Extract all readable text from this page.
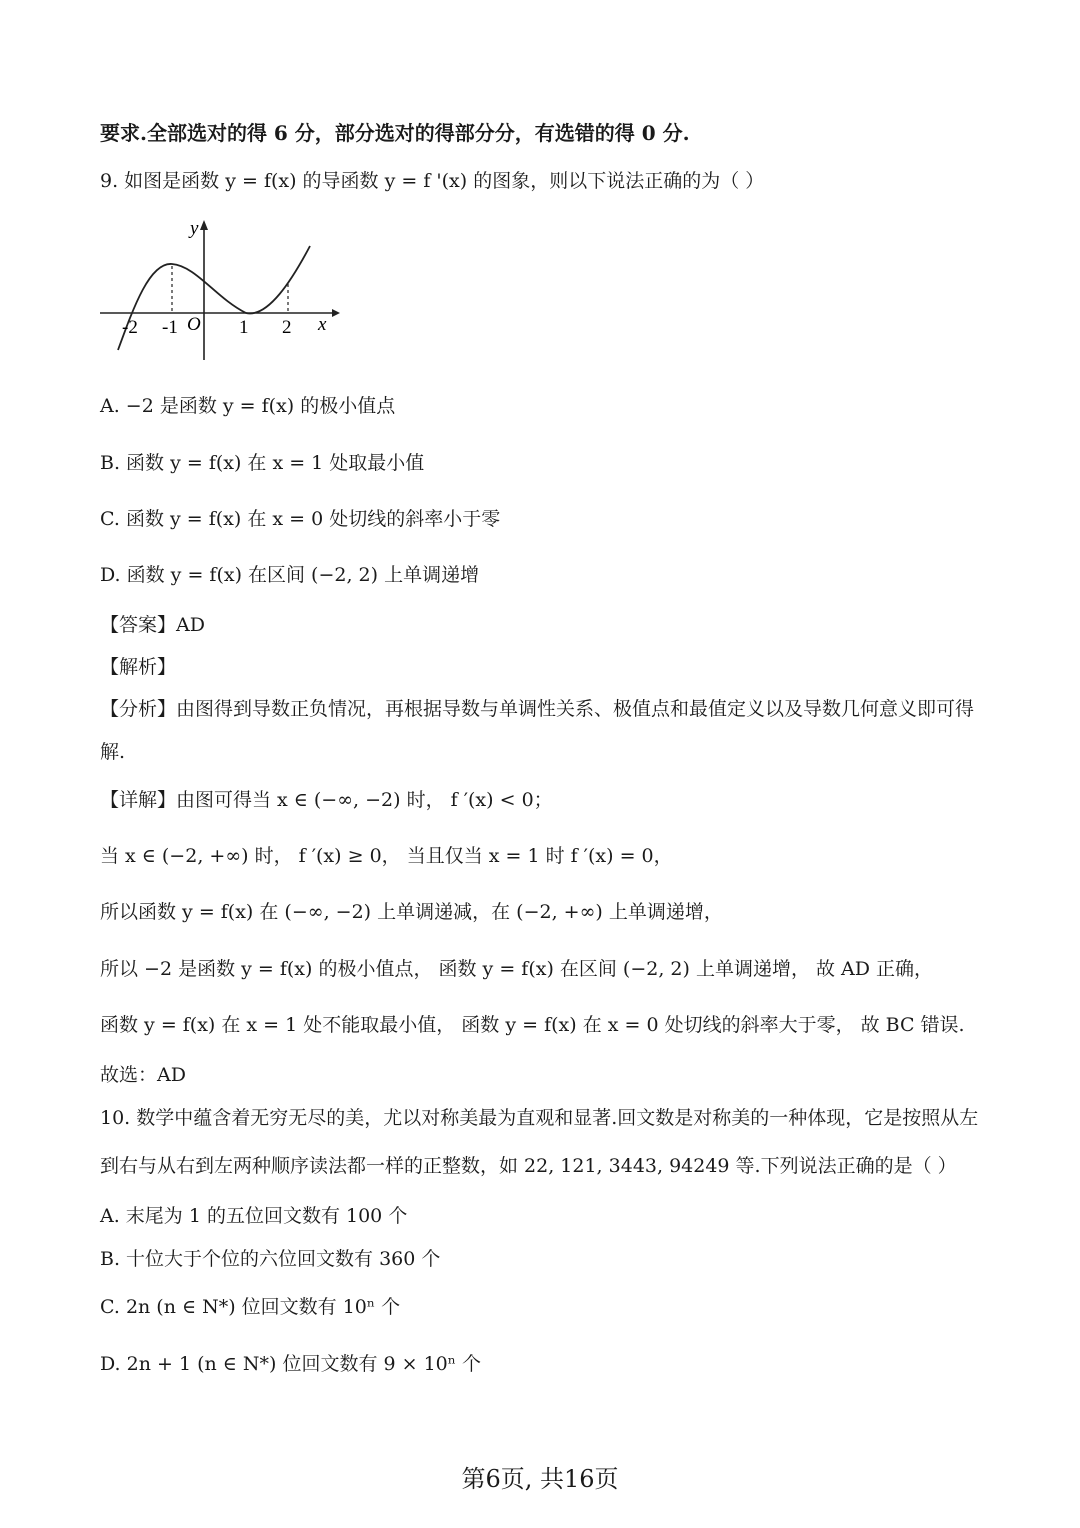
要求.全部选对的得 6 分，部分选对的得部分分，有选错的得 0 分.
9. 如图是函数 y = f(x) 的导函数 y = f '(x) 的图象，则以下说法正确的为（ ）
y
x
O
-2 -1	1 2
A. −2 是函数 y = f(x) 的极小值点
B. 函数 y = f(x) 在 x = 1 处取最小值
C. 函数 y = f(x) 在 x = 0 处切线的斜率小于零
D. 函数 y = f(x) 在区间 (−2, 2) 上单调递增
【答案】AD
【解析】
【分析】由图得到导数正负情况，再根据导数与单调性关系、极值点和最值定义以及导数几何意义即可得
解.
【详解】由图可得当 x ∈ (−∞, −2) 时， f ′(x) < 0；
当 x ∈ (−2, +∞) 时， f ′(x) ≥ 0， 当且仅当 x = 1 时 f ′(x) = 0，
所以函数 y = f(x) 在 (−∞, −2) 上单调递减，在 (−2, +∞) 上单调递增，
所以 −2 是函数 y = f(x) 的极小值点， 函数 y = f(x) 在区间 (−2, 2) 上单调递增， 故 AD 正确，
函数 y = f(x) 在 x = 1 处不能取最小值， 函数 y = f(x) 在 x = 0 处切线的斜率大于零， 故 BC 错误.
故选：AD
10. 数学中蕴含着无穷无尽的美，尤以对称美最为直观和显著.回文数是对称美的一种体现，它是按照从左
到右与从右到左两种顺序读法都一样的正整数，如 22, 121, 3443, 94249 等.下列说法正确的是（ ）
A. 末尾为 1 的五位回文数有 100 个
B. 十位大于个位的六位回文数有 360 个
C. 2n (n ∈ N*) 位回文数有 10ⁿ 个
D. 2n + 1 (n ∈ N*) 位回文数有 9 × 10ⁿ 个
第6页, 共16页
